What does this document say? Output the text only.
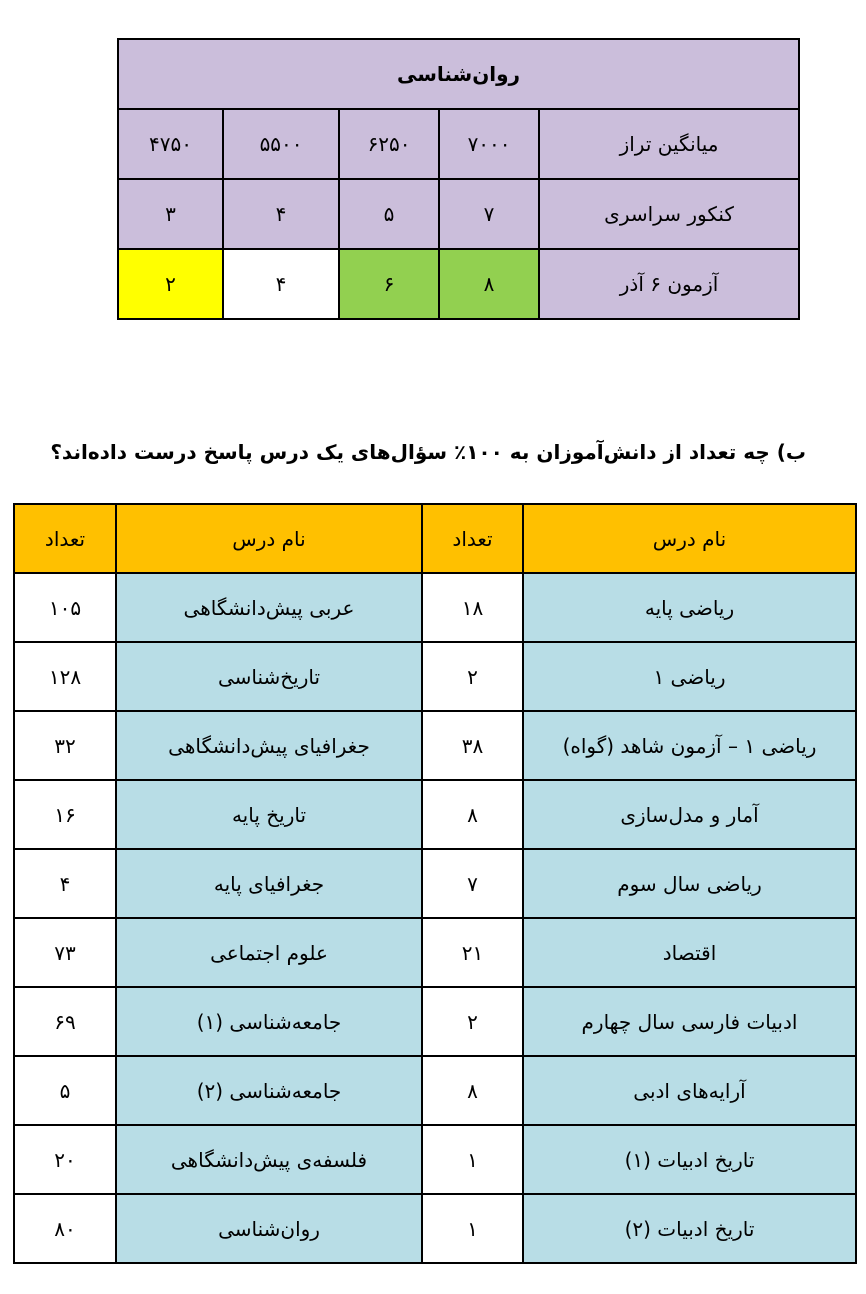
روان‌شناسی				
میانگین تراز	۷۰۰۰	۶۲۵۰	۵۵۰۰	۴۷۵۰
کنکور سراسری	۷	۵	۴	۳
آزمون ۶ آذر	۸	۶	۴	۲
ب) چه تعداد از دانش‌آموزان به ۱۰۰٪ سؤال‌های یک درس پاسخ درست داده‌اند؟
نام درس	تعداد	نام درس	تعداد
ریاضی پایه	۱۸	عربی پیش‌دانشگاهی	۱۰۵
ریاضی ۱	۲	تاریخ‌شناسی	۱۲۸
ریاضی ۱ – آزمون شاهد (گواه)	۳۸	جغرافیای پیش‌دانشگاهی	۳۲
آمار و مدل‌سازی	۸	تاریخ پایه	۱۶
ریاضی سال سوم	۷	جغرافیای پایه	۴
اقتصاد	۲۱	علوم اجتماعی	۷۳
ادبیات فارسی سال چهارم	۲	جامعه‌شناسی (۱)	۶۹
آرایه‌های ادبی	۸	جامعه‌شناسی (۲)	۵
تاریخ ادبیات (۱)	۱	فلسفه‌ی پیش‌دانشگاهی	۲۰
تاریخ ادبیات (۲)	۱	روان‌شناسی	۸۰
